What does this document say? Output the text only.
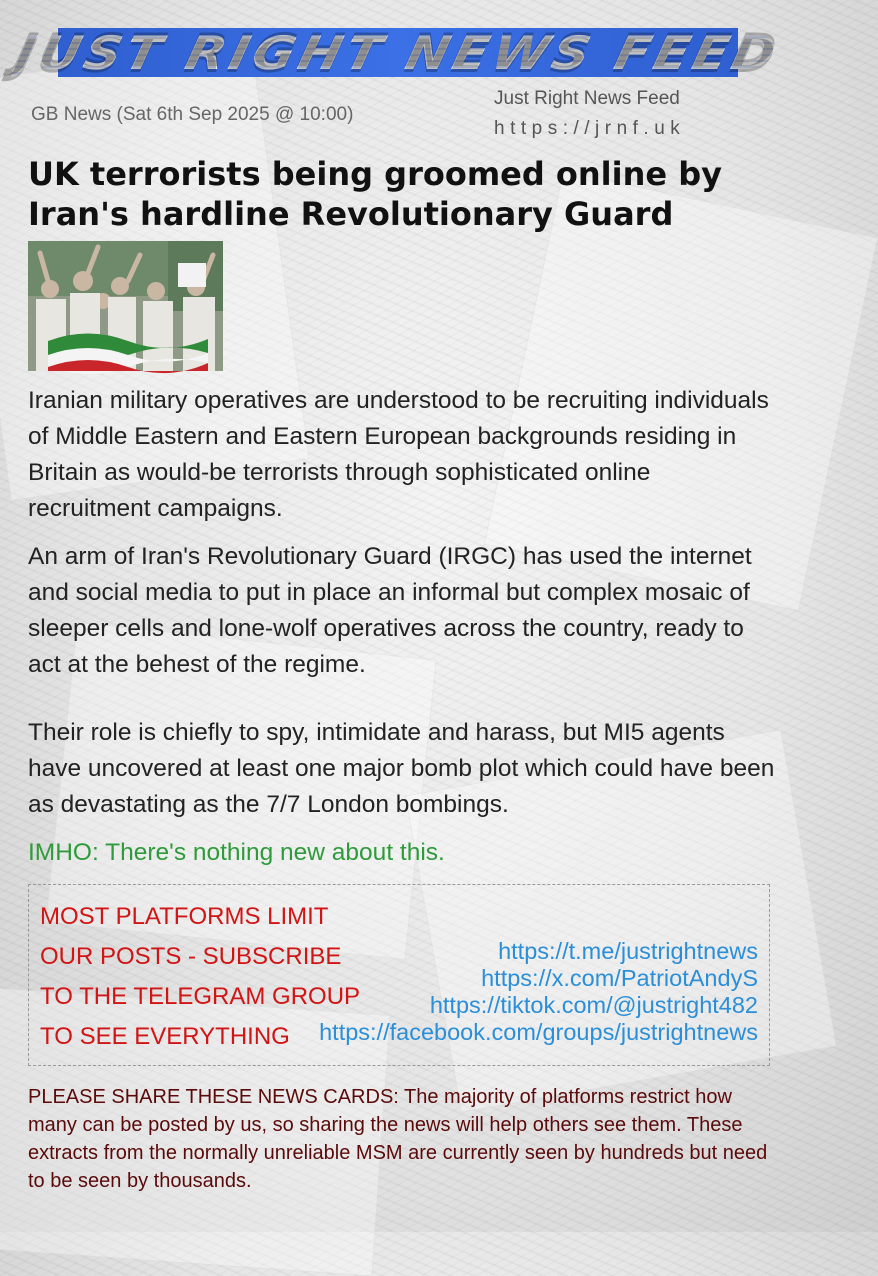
JUST RIGHT NEWS FEED
GB News (Sat 6th Sep 2025 @ 10:00)
Just Right News Feed
https://jrnf.uk
UK terrorists being groomed online by Iran's hardline Revolutionary Guard

Iranian military operatives are understood to be recruiting individuals of Middle Eastern and Eastern European backgrounds residing in Britain as would-be terrorists through sophisticated online recruitment campaigns.

An arm of Iran's Revolutionary Guard (IRGC) has used the internet and social media to put in place an informal but complex mosaic of sleeper cells and lone-wolf operatives across the country, ready to act at the behest of the regime.

Their role is chiefly to spy, intimidate and harass, but MI5 agents have uncovered at least one major bomb plot which could have been as devastating as the 7/7 London bombings.

IMHO: There's nothing new about this.

MOST PLATFORMS LIMIT
OUR POSTS - SUBSCRIBE
TO THE TELEGRAM GROUP
TO SEE EVERYTHING
https://t.me/justrightnews
https://x.com/PatriotAndyS
https://tiktok.com/@justright482
https://facebook.com/groups/justrightnews
PLEASE SHARE THESE NEWS CARDS: The majority of platforms restrict how many can be posted by us, so sharing the news will help others see them. These extracts from the normally unreliable MSM are currently seen by hundreds but need to be seen by thousands.
